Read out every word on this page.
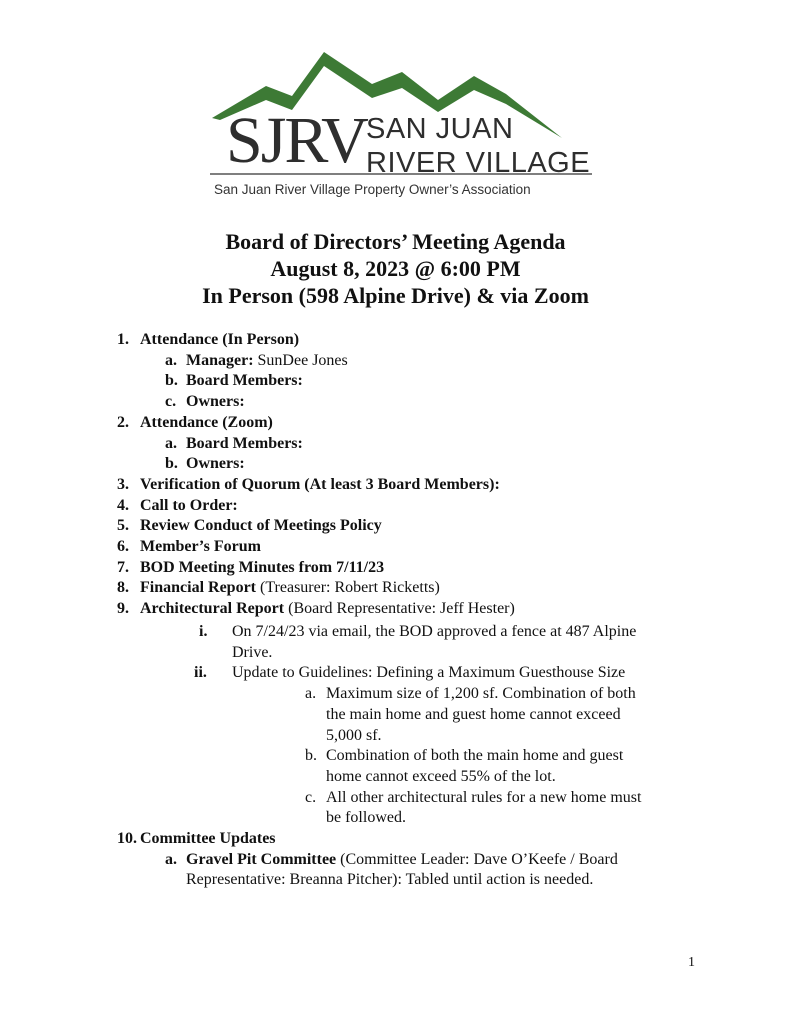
SJRV SAN JUAN
RIVER VILLAGE
San Juan River Village Property Owner’s Association
Board of Directors’ Meeting Agenda
August 8, 2023 @ 6:00 PM
In Person (598 Alpine Drive) & via Zoom
1. Attendance (In Person)
a. Manager: SunDee Jones
b. Board Members:
c. Owners:
2. Attendance (Zoom)
a. Board Members:
b. Owners:
3. Verification of Quorum (At least 3 Board Members):
4. Call to Order:
5. Review Conduct of Meetings Policy
6. Member’s Forum
7. BOD Meeting Minutes from 7/11/23
8. Financial Report (Treasurer: Robert Ricketts)
9. Architectural Report (Board Representative: Jeff Hester)
i. On 7/24/23 via email, the BOD approved a fence at 487 Alpine
Drive.
ii. Update to Guidelines: Defining a Maximum Guesthouse Size
a. Maximum size of 1,200 sf. Combination of both
the main home and guest home cannot exceed
5,000 sf.
b. Combination of both the main home and guest
home cannot exceed 55% of the lot.
c. All other architectural rules for a new home must
be followed.
10. Committee Updates
a. Gravel Pit Committee (Committee Leader: Dave O’Keefe / Board
Representative: Breanna Pitcher): Tabled until action is needed.
1
